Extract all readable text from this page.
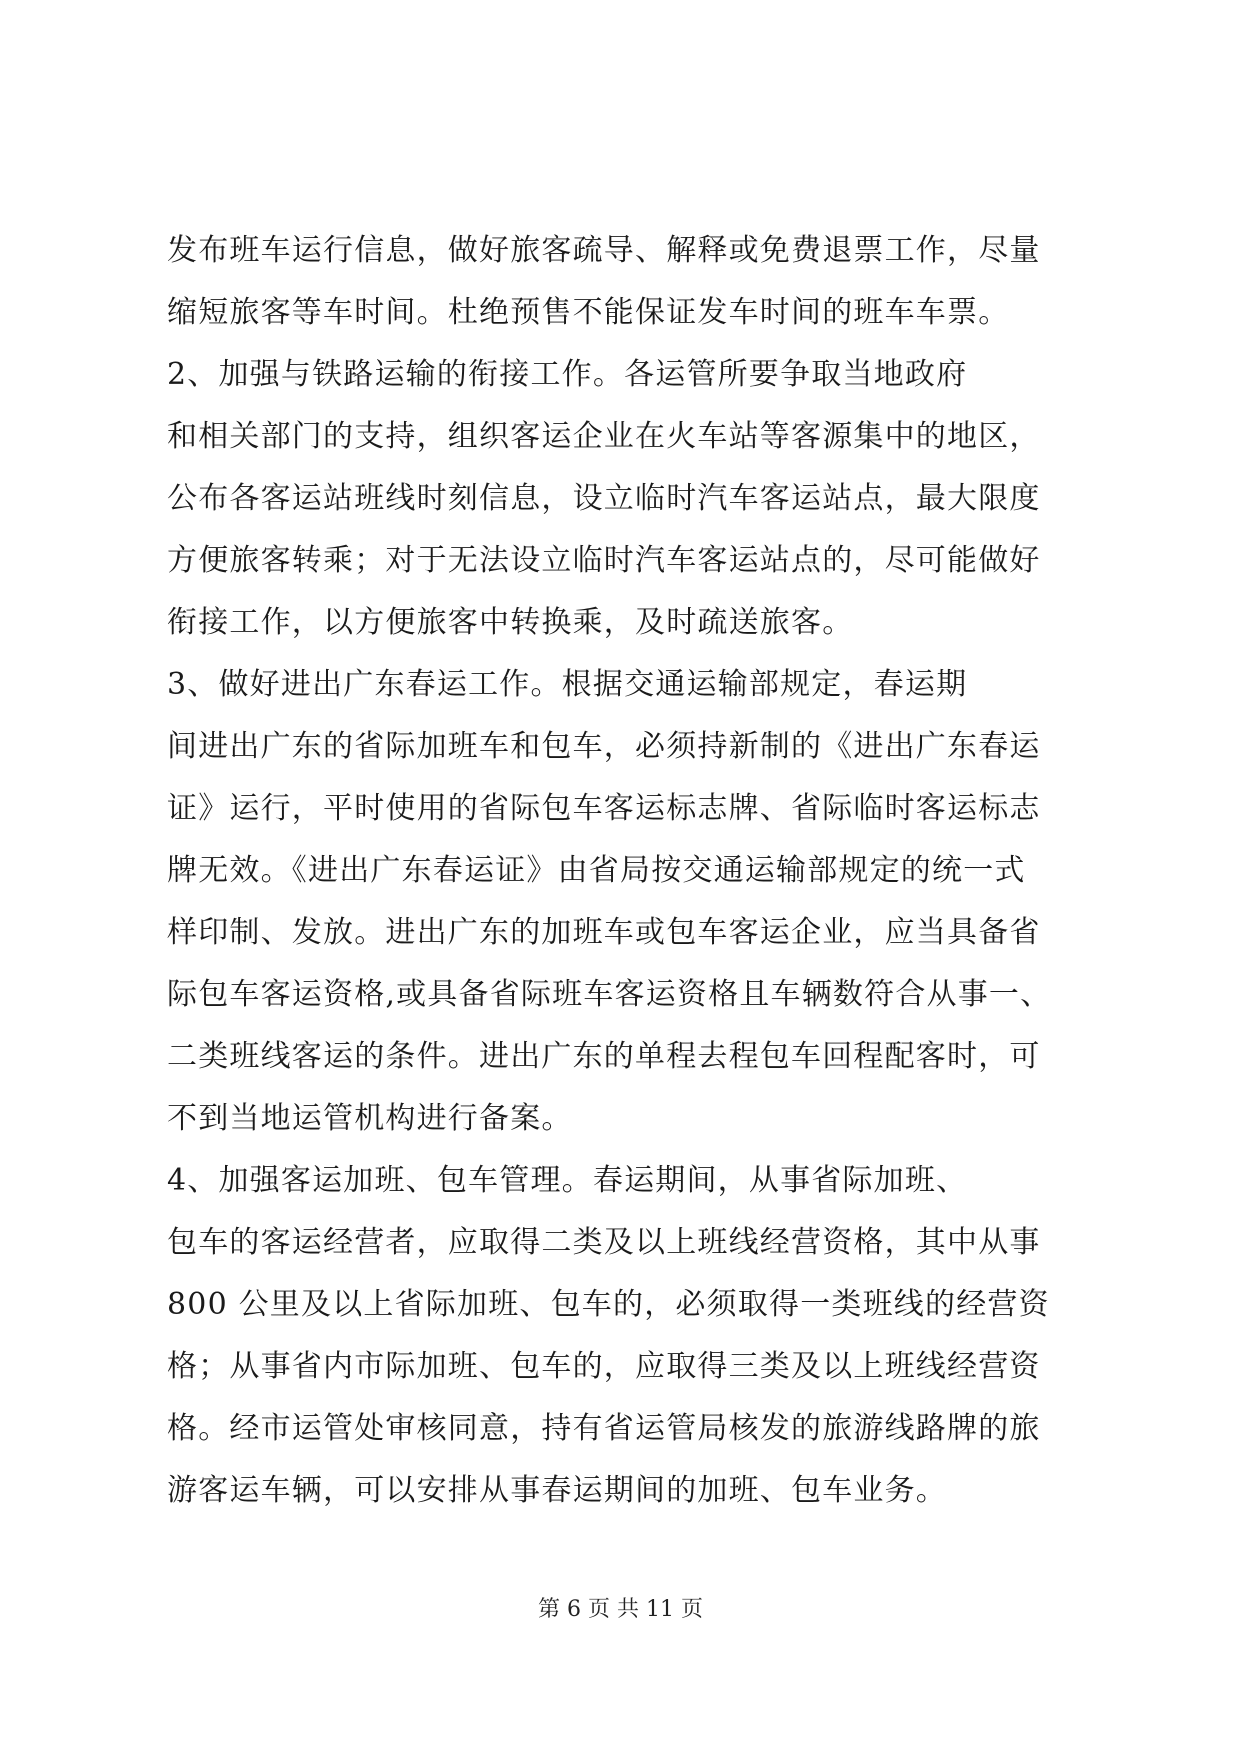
发布班车运行信息，做好旅客疏导、解释或免费退票工作，尽量
缩短旅客等车时间。杜绝预售不能保证发车时间的班车车票。
2、加强与铁路运输的衔接工作。各运管所要争取当地政府
和相关部门的支持，组织客运企业在火车站等客源集中的地区，
公布各客运站班线时刻信息，设立临时汽车客运站点，最大限度
方便旅客转乘；对于无法设立临时汽车客运站点的，尽可能做好
衔接工作，以方便旅客中转换乘，及时疏送旅客。
3、做好进出广东春运工作。根据交通运输部规定，春运期
间进出广东的省际加班车和包车，必须持新制的《进出广东春运
证》运行，平时使用的省际包车客运标志牌、省际临时客运标志
牌无效。《进出广东春运证》由省局按交通运输部规定的统一式
样印制、发放。进出广东的加班车或包车客运企业，应当具备省
际包车客运资格,或具备省际班车客运资格且车辆数符合从事一、
二类班线客运的条件。进出广东的单程去程包车回程配客时，可
不到当地运管机构进行备案。
4、加强客运加班、包车管理。春运期间，从事省际加班、
包车的客运经营者，应取得二类及以上班线经营资格，其中从事
800 公里及以上省际加班、包车的，必须取得一类班线的经营资
格；从事省内市际加班、包车的，应取得三类及以上班线经营资
格。经市运管处审核同意，持有省运管局核发的旅游线路牌的旅
游客运车辆，可以安排从事春运期间的加班、包车业务。
第 6 页 共 11 页
